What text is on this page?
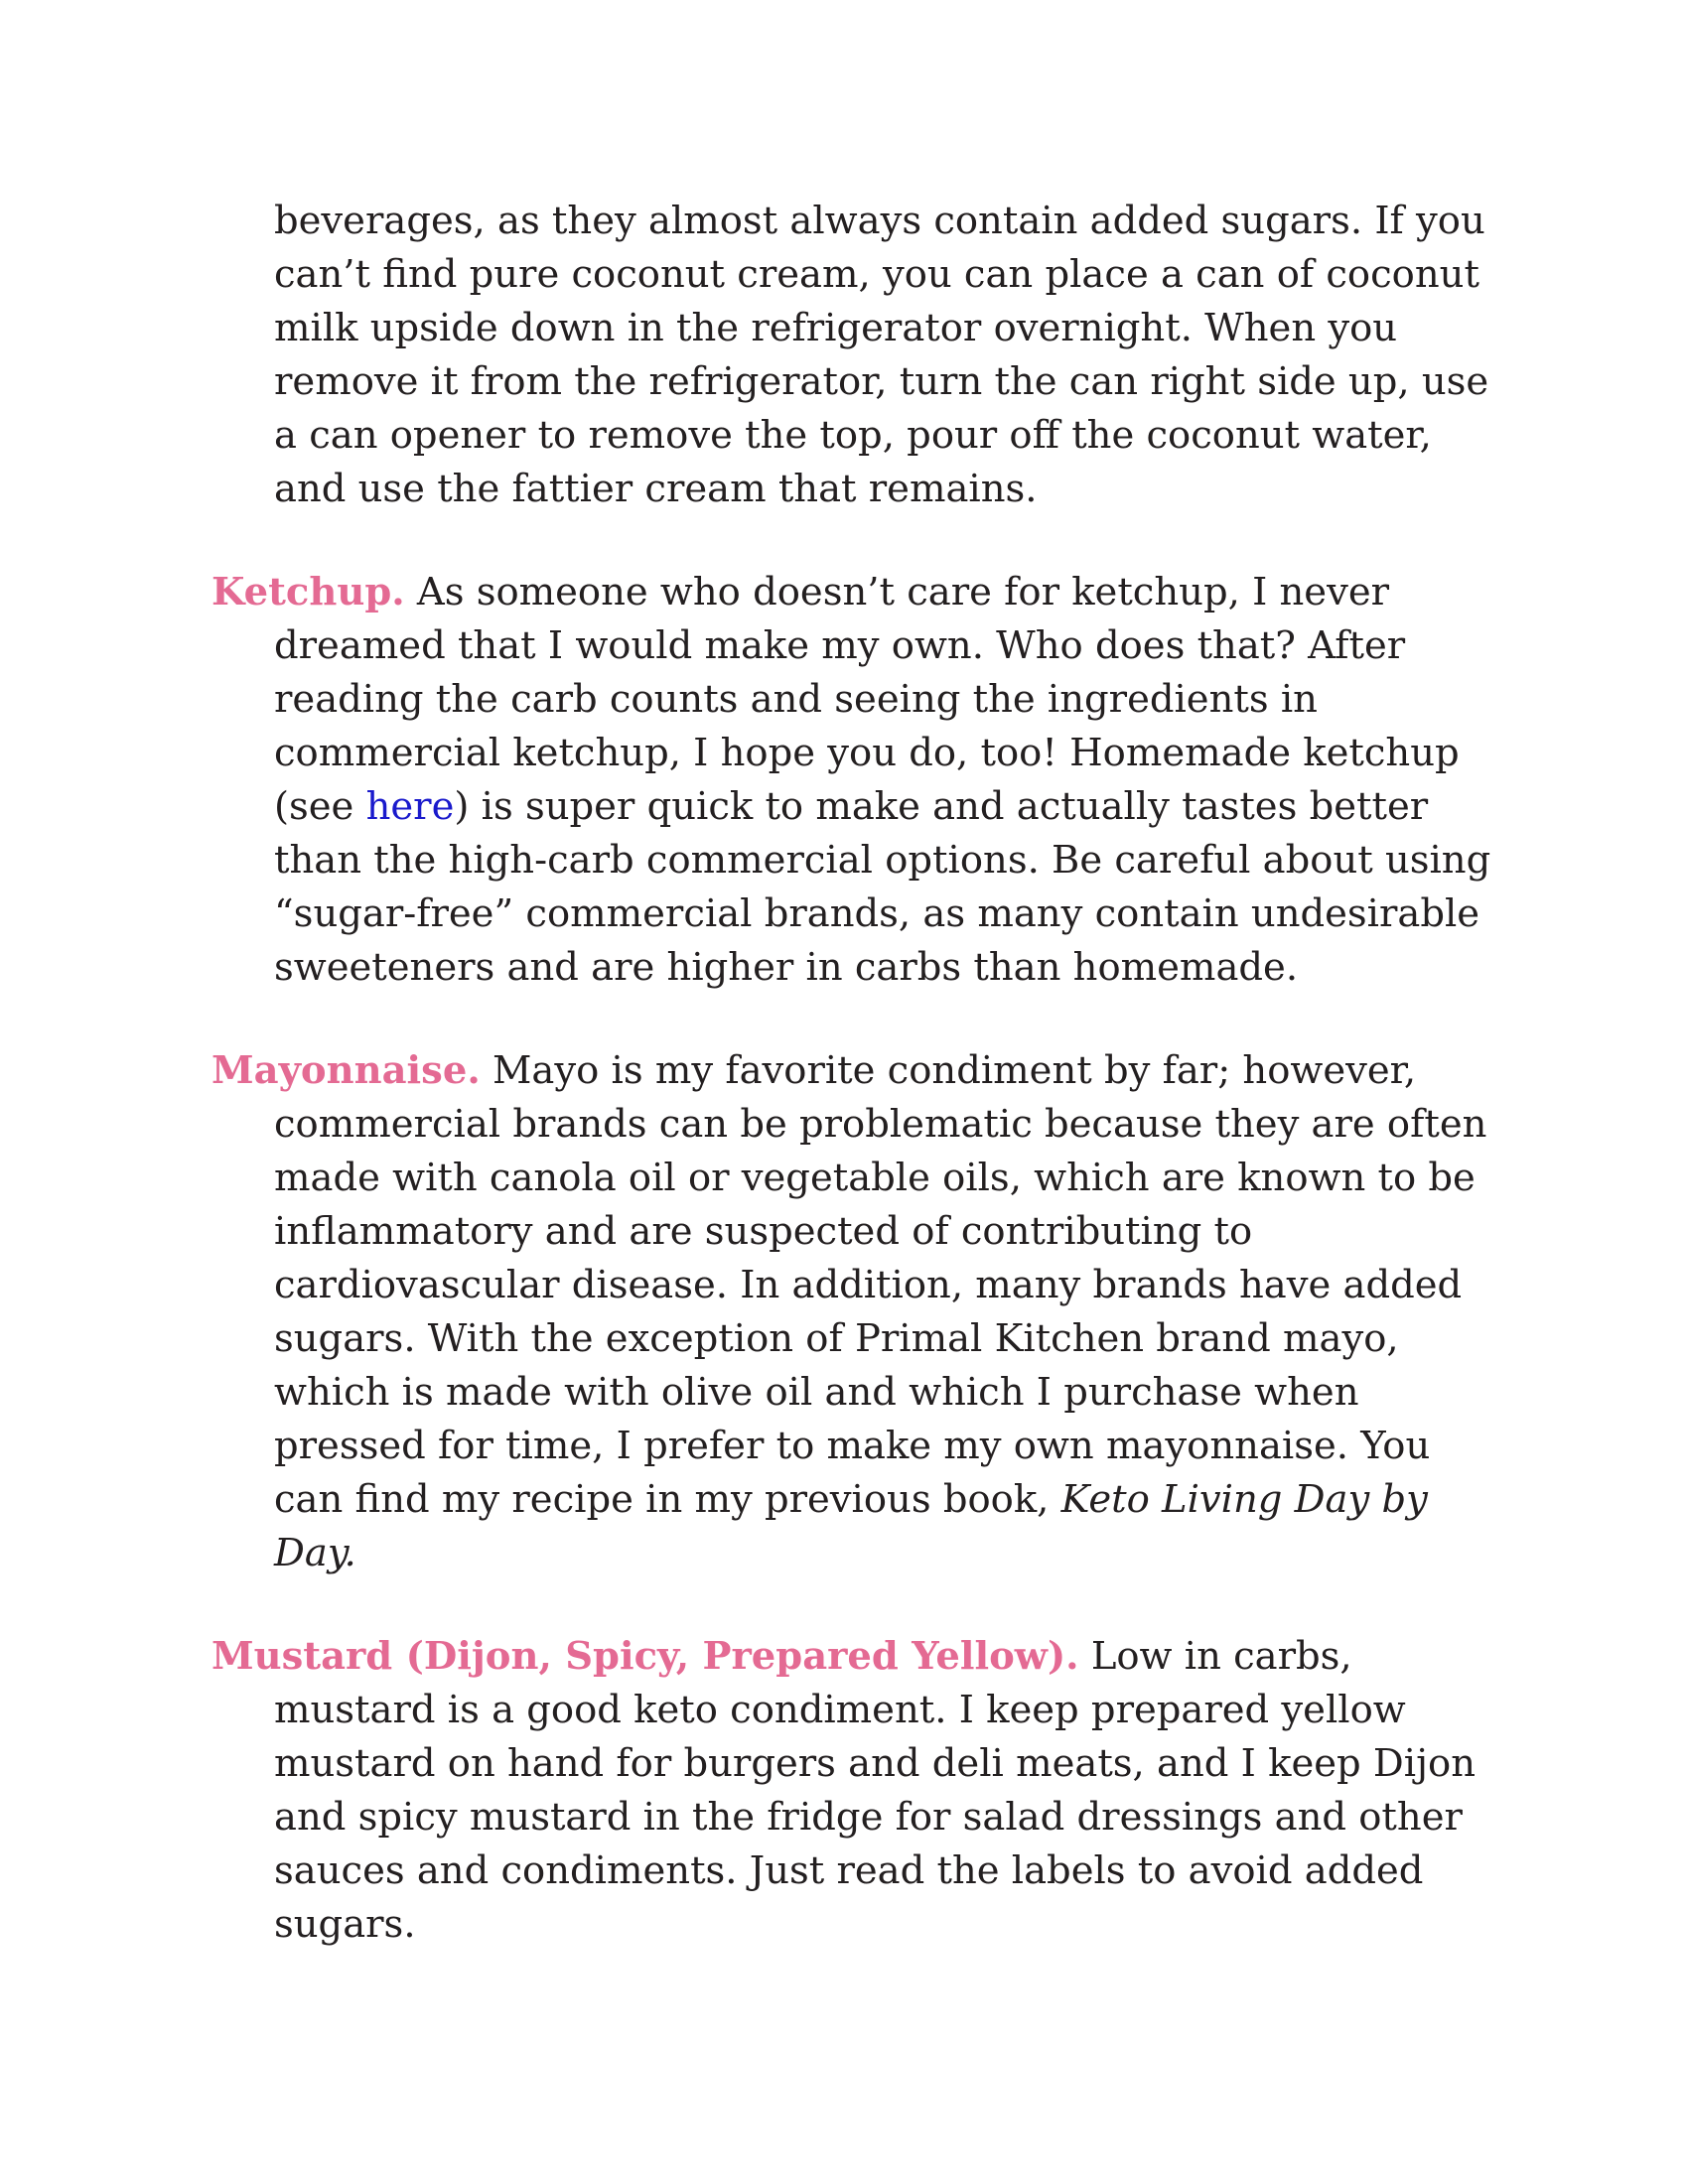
beverages, as they almost always contain added sugars. If you can’t find pure coconut cream, you can place a can of coconut milk upside down in the refrigerator overnight. When you remove it from the refrigerator, turn the can right side up, use a can opener to remove the top, pour off the coconut water, and use the fattier cream that remains.

Ketchup. As someone who doesn’t care for ketchup, I never dreamed that I would make my own. Who does that? After reading the carb counts and seeing the ingredients in commercial ketchup, I hope you do, too! Homemade ketchup (see here) is super quick to make and actually tastes better than the high-carb commercial options. Be careful about using “sugar-free” commercial brands, as many contain undesirable sweeteners and are higher in carbs than homemade.

Mayonnaise. Mayo is my favorite condiment by far; however, commercial brands can be problematic because they are often made with canola oil or vegetable oils, which are known to be inflammatory and are suspected of contributing to cardiovascular disease. In addition, many brands have added sugars. With the exception of Primal Kitchen brand mayo, which is made with olive oil and which I purchase when pressed for time, I prefer to make my own mayonnaise. You can find my recipe in my previous book, Keto Living Day by Day.

Mustard (Dijon, Spicy, Prepared Yellow). Low in carbs, mustard is a good keto condiment. I keep prepared yellow mustard on hand for burgers and deli meats, and I keep Dijon and spicy mustard in the fridge for salad dressings and other sauces and condiments. Just read the labels to avoid added sugars.
